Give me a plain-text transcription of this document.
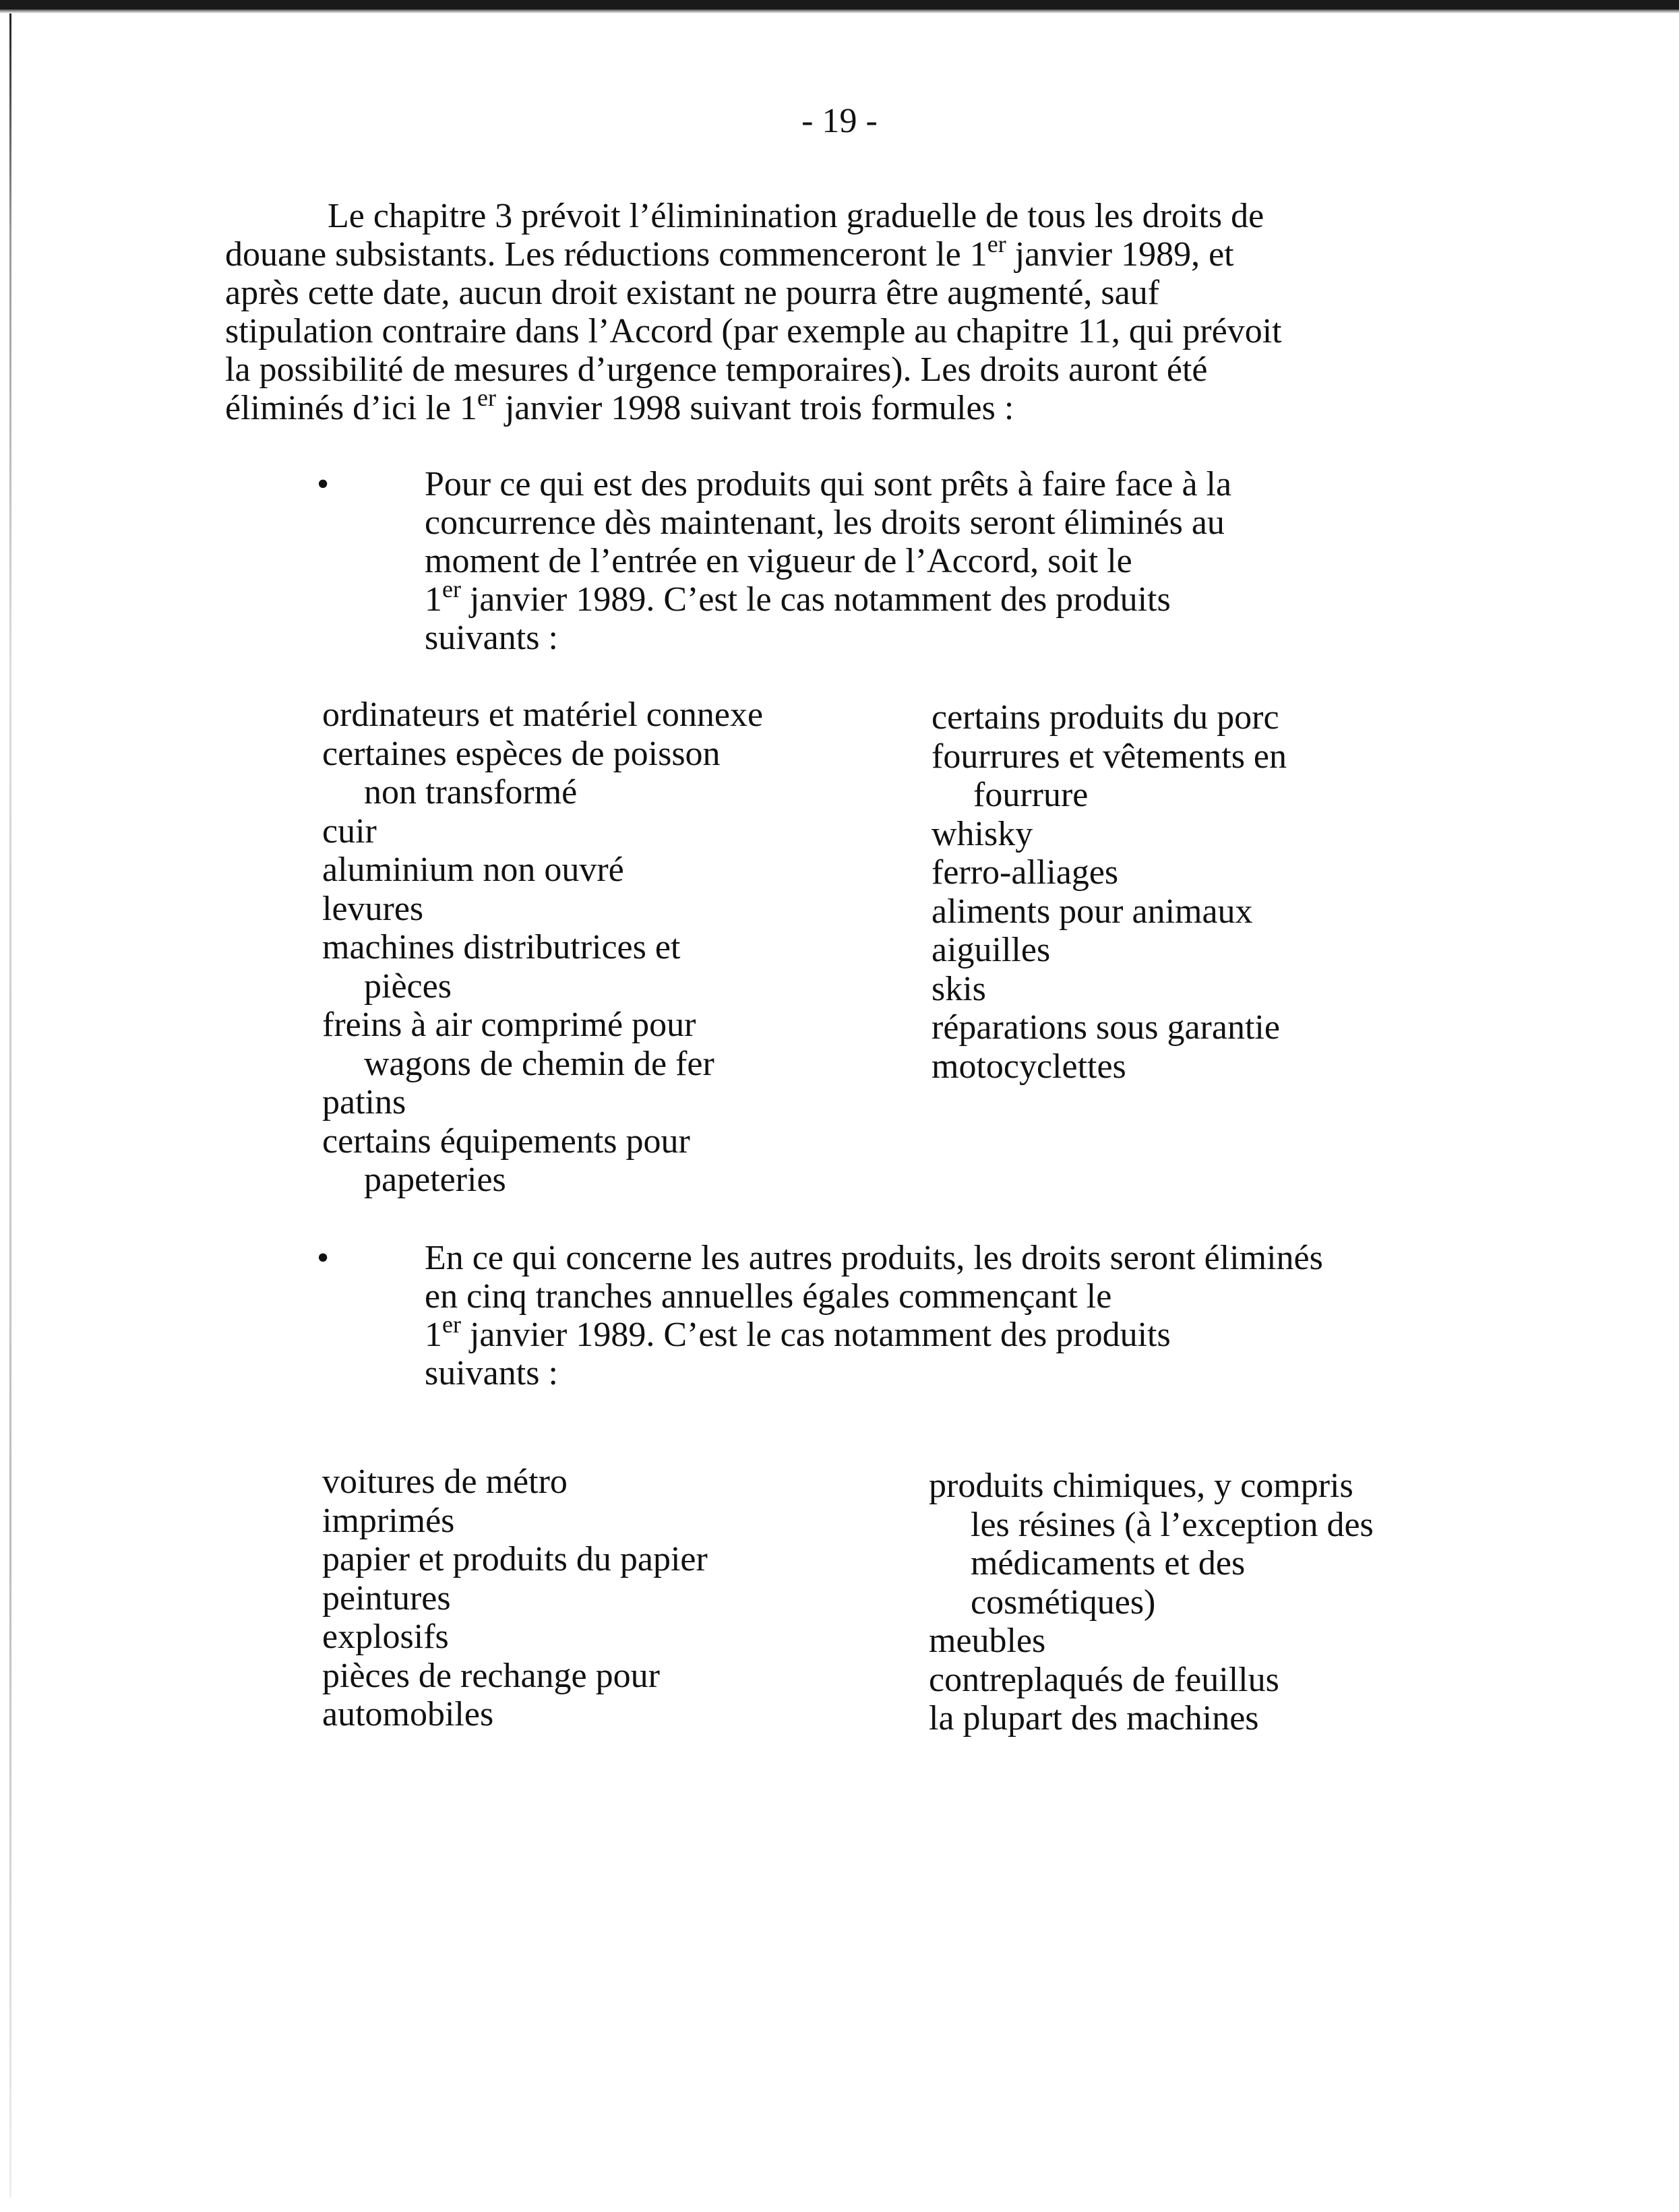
- 19 -
Le chapitre 3 prévoit l’éliminination graduelle de tous les droits de
douane subsistants. Les réductions commenceront le 1er janvier 1989, et
après cette date, aucun droit existant ne pourra être augmenté, sauf
stipulation contraire dans l’Accord (par exemple au chapitre 11, qui prévoit
la possibilité de mesures d’urgence temporaires). Les droits auront été
éliminés d’ici le 1er janvier 1998 suivant trois formules :
•	Pour ce qui est des produits qui sont prêts à faire face à la
concurrence dès maintenant, les droits seront éliminés au
moment de l’entrée en vigueur de l’Accord, soit le
1er janvier 1989. C’est le cas notamment des produits
suivants :
ordinateurs et matériel connexe
certaines espèces de poisson
non transformé
cuir
aluminium non ouvré
levures
machines distributrices et
pièces
freins à air comprimé pour
wagons de chemin de fer
patins
certains équipements pour
papeteries
certains produits du porc
fourrures et vêtements en
fourrure
whisky
ferro-alliages
aliments pour animaux
aiguilles
skis
réparations sous garantie
motocyclettes
•	En ce qui concerne les autres produits, les droits seront éliminés
en cinq tranches annuelles égales commençant le
1er janvier 1989. C’est le cas notamment des produits
suivants :
voitures de métro
imprimés
papier et produits du papier
peintures
explosifs
pièces de rechange pour
automobiles
produits chimiques, y compris
les résines (à l’exception des
médicaments et des
cosmétiques)
meubles
contreplaqués de feuillus
la plupart des machines
